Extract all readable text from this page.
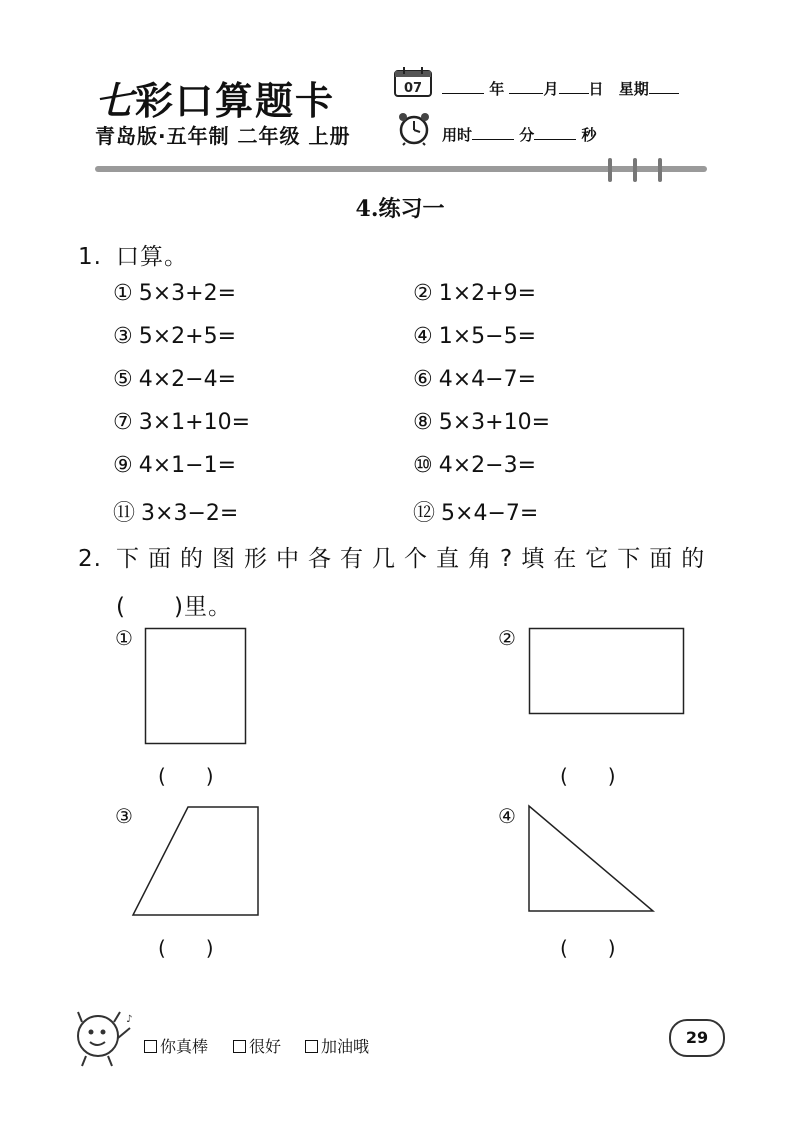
七彩口算题卡
青岛版·五年制 二年级 上册
07	年	月 日 星期
用时	分	秒
4.练习一
1. 口算。
① 5×3+2=
③ 5×2+5=
⑤ 4×2−4=
⑦ 3×1+10=
⑨ 4×1−1=
⑪ 3×3−2=
② 1×2+9=
④ 1×5−5=
⑥ 4×4−7=
⑧ 5×3+10=
⑩ 4×2−3=
⑫ 5×4−7=
2. 下面的图形中各有几个直角?填在它下面的
(　　)里。
①
(　　)
②
(　　)
③
(　　)
④
(　　)
♪
你真棒	很好	加油哦	29
